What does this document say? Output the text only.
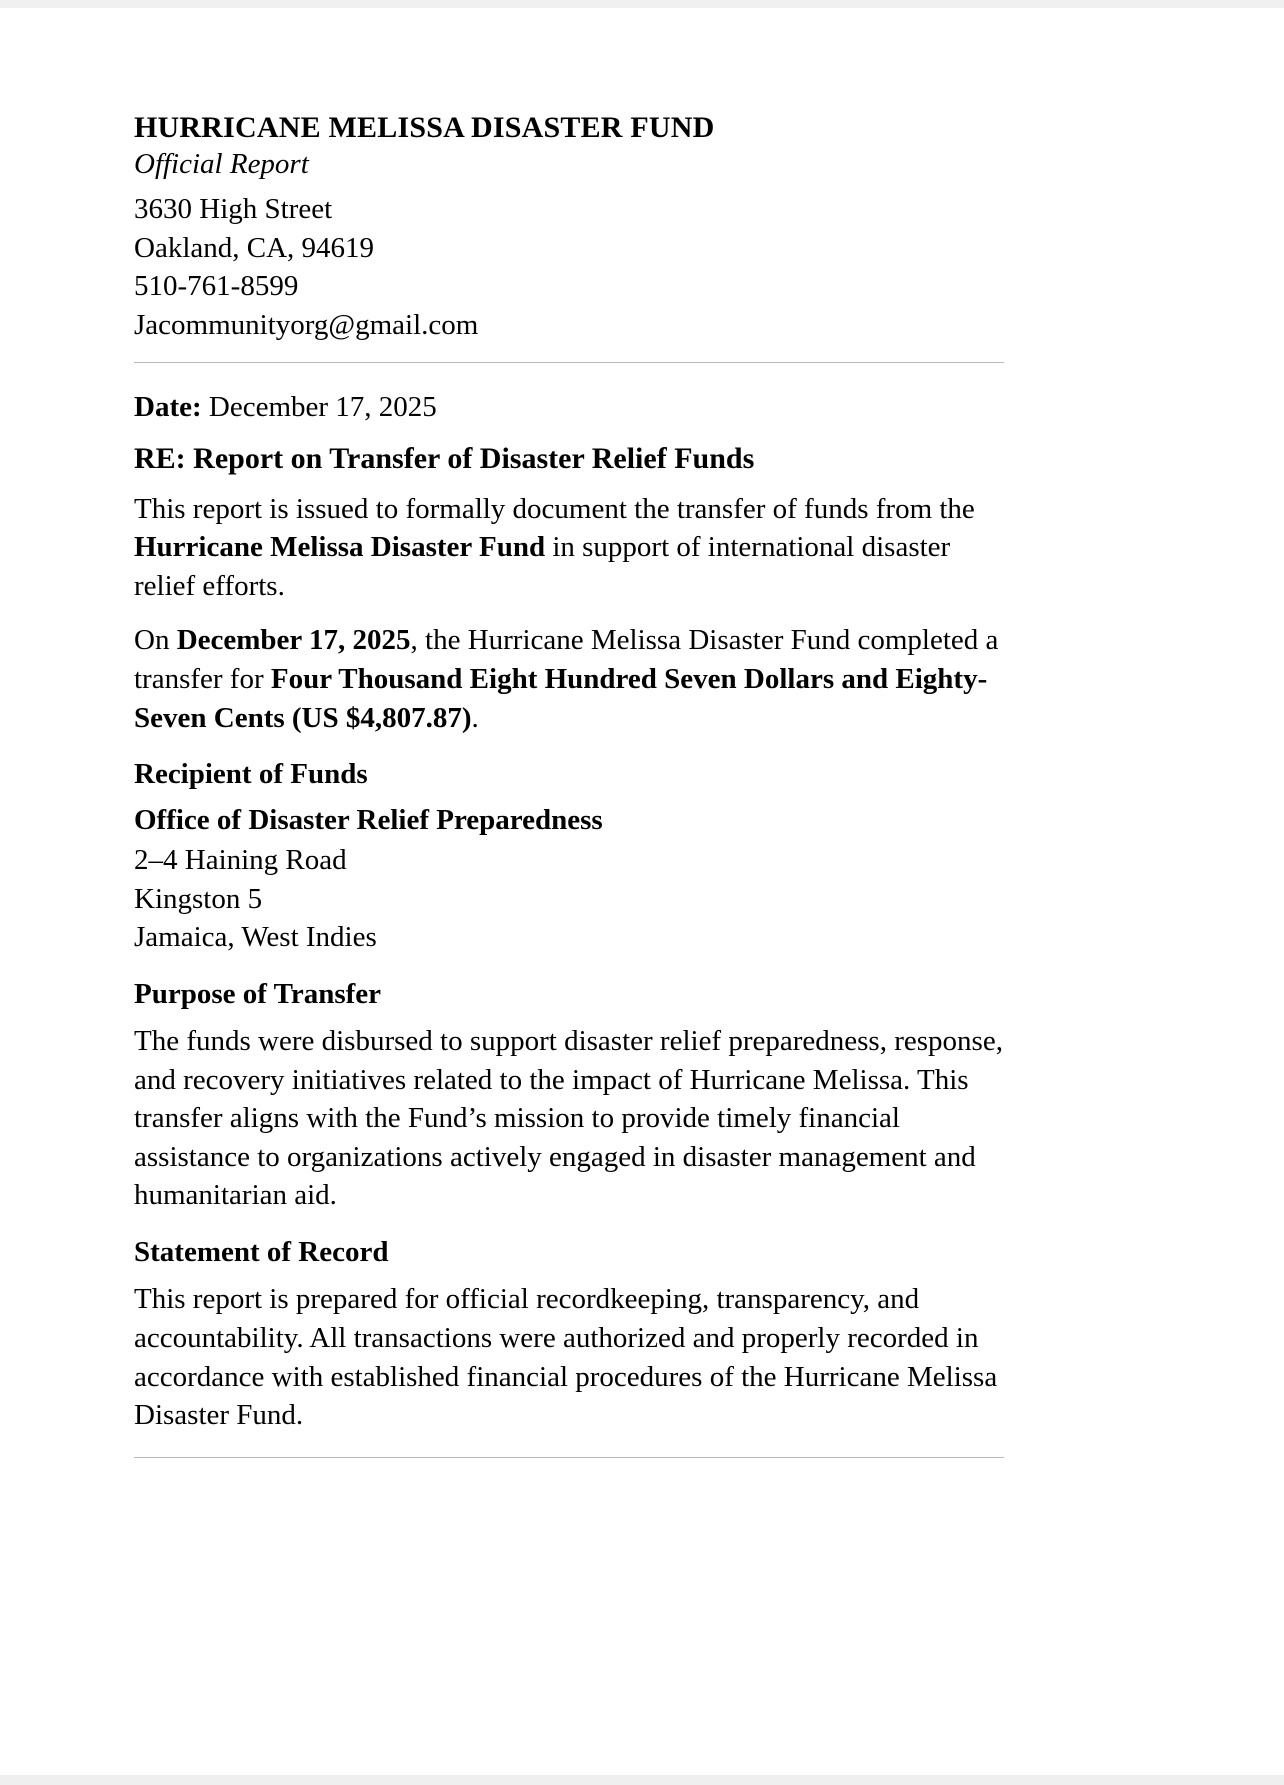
HURRICANE MELISSA DISASTER FUND
Official Report

3630 High Street

Oakland, CA, 94619

510-761-8599

Jacommunityorg@gmail.com

Date: December 17, 2025

RE: Report on Transfer of Disaster Relief Funds

This report is issued to formally document the transfer of funds from the Hurricane Melissa Disaster Fund in support of international disaster relief efforts.

On December 17, 2025, the Hurricane Melissa Disaster Fund completed a transfer for Four Thousand Eight Hundred Seven Dollars and Eighty-Seven Cents (US $4,807.87).

Recipient of Funds
Office of Disaster Relief Preparedness

2–4 Haining Road

Kingston 5

Jamaica, West Indies

Purpose of Transfer

The funds were disbursed to support disaster relief preparedness, response, and recovery initiatives related to the impact of Hurricane Melissa. This transfer aligns with the Fund’s mission to provide timely financial assistance to organizations actively engaged in disaster management and humanitarian aid.

Statement of Record

This report is prepared for official recordkeeping, transparency, and accountability. All transactions were authorized and properly recorded in accordance with established financial procedures of the Hurricane Melissa Disaster Fund.
